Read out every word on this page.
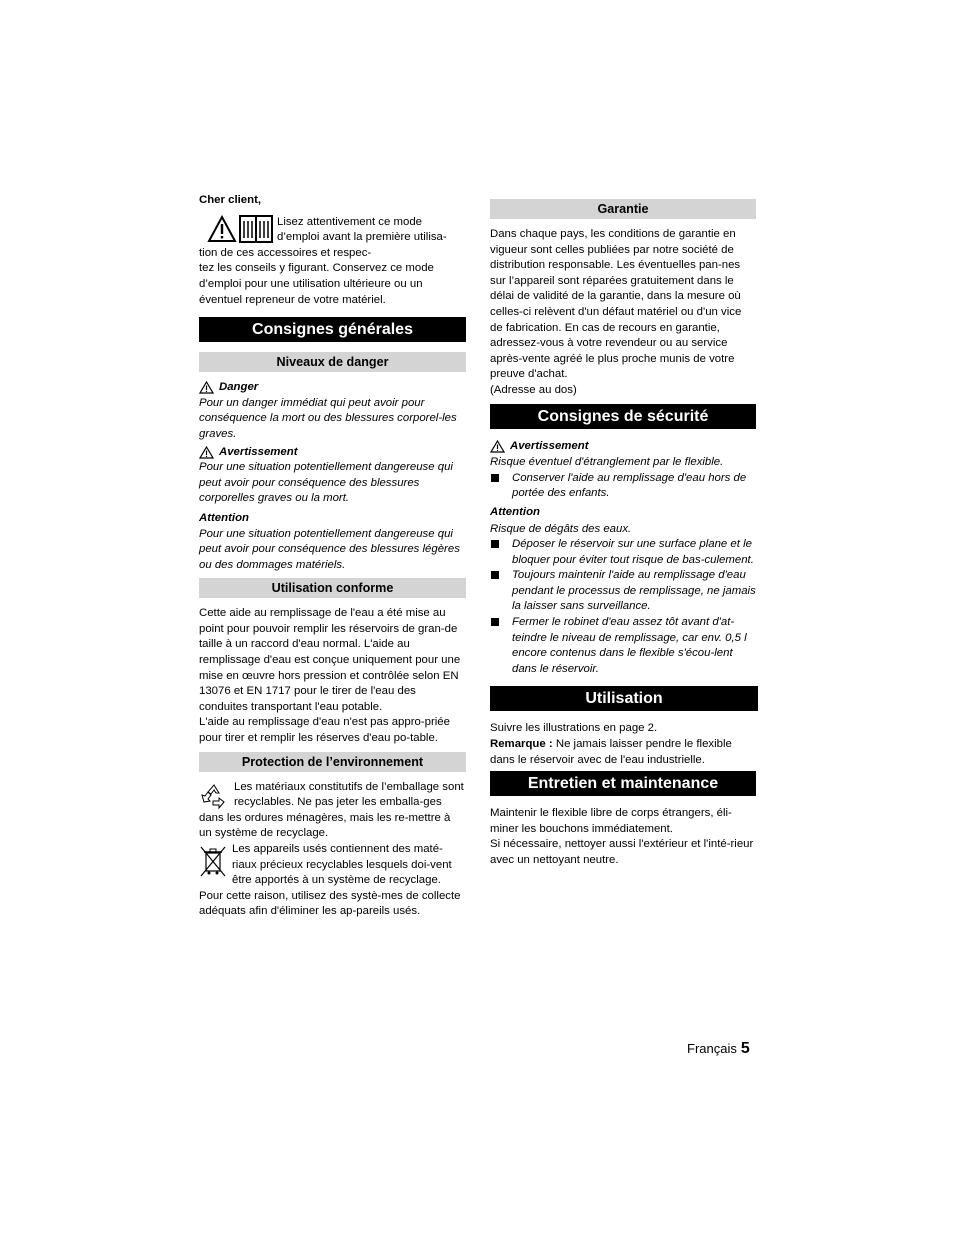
Cher client,

Lisez attentivement ce mode

d’emploi avant la première utilisa-

tion de ces accessoires et respec-

tez les conseils y figurant. Conservez ce mode d’emploi pour une utilisation ultérieure ou un éventuel repreneur de votre matériel.

Consignes générales
Niveaux de danger
Danger

Pour un danger immédiat qui peut avoir pour conséquence la mort ou des blessures corporel-les graves.

Avertissement

Pour une situation potentiellement dangereuse qui peut avoir pour conséquence des blessures corporelles graves ou la mort.

Attention

Pour une situation potentiellement dangereuse qui peut avoir pour conséquence des blessures légères ou des dommages matériels.

Utilisation conforme

Cette aide au remplissage de l'eau a été mise au point pour pouvoir remplir les réservoirs de gran-de taille à un raccord d'eau normal. L'aide au remplissage d'eau est conçue uniquement pour une mise en œuvre hors pression et contrôlée selon EN 13076 et EN 1717 pour le tirer de l'eau des conduites transportant l'eau potable.

L'aide au remplissage d'eau n'est pas appro-priée pour tirer et remplir les réserves d'eau po-table.

Protection de l’environnement

Les matériaux constitutifs de l’emballage sont recyclables. Ne pas jeter les emballa-ges dans les ordures ménagères, mais les re-mettre à un système de recyclage.

Les appareils usés contiennent des maté-riaux précieux recyclables lesquels doi-vent être apportés à un système de recyclage. Pour cette raison, utilisez des systè-mes de collecte adéquats afin d'éliminer les ap-pareils usés.

Garantie

Dans chaque pays, les conditions de garantie en vigueur sont celles publiées par notre société de distribution responsable. Les éventuelles pan-nes sur l’appareil sont réparées gratuitement dans le délai de validité de la garantie, dans la mesure où celles-ci relèvent d'un défaut matériel ou d'un vice de fabrication. En cas de recours en garantie, adressez-vous à votre revendeur ou au service après-vente agréé le plus proche munis de votre preuve d'achat.

(Adresse au dos)

Consignes de sécurité
Avertissement

Risque éventuel d'étranglement par le flexible.

Conserver l'aide au remplissage d'eau hors de portée des enfants.
Attention

Risque de dégâts des eaux.

Déposer le réservoir sur une surface plane et le bloquer pour éviter tout risque de bas-culement.
Toujours maintenir l'aide au remplissage d'eau pendant le processus de remplissage, ne jamais la laisser sans surveillance.
Fermer le robinet d'eau assez tôt avant d'at-teindre le niveau de remplissage, car env. 0,5 l encore contenus dans le flexible s'écou-lent dans le réservoir.
Utilisation

Suivre les illustrations en page 2.

Remarque : Ne jamais laisser pendre le flexible dans le réservoir avec de l'eau industrielle.

Entretien et maintenance

Maintenir le flexible libre de corps étrangers, éli-miner les bouchons immédiatement.

Si nécessaire, nettoyer aussi l'extérieur et l'inté-rieur avec un nettoyant neutre.

Français 5
